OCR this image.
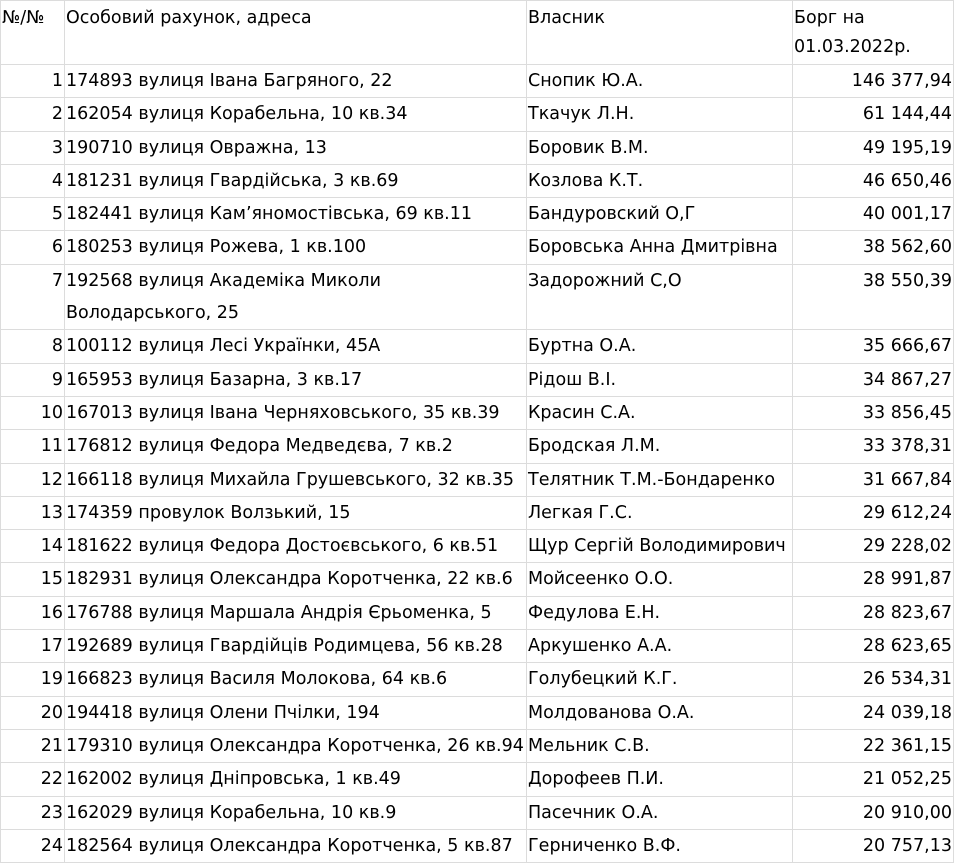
№/№	Особовий рахунок, адреса	Власник	Борг на 01.03.2022р.
1	174893 вулиця Івана Багряного, 22	Снопик Ю.А.	146 377,94
2	162054 вулиця Корабельна, 10 кв.34	Ткачук Л.Н.	61 144,44
3	190710 вулиця Овражна, 13	Боровик В.М.	49 195,19
4	181231 вулиця Гвардійська, 3 кв.69	Козлова К.Т.	46 650,46
5	182441 вулиця Кам’яномостівська, 69 кв.11	Бандуровский О,Г	40 001,17
6	180253 вулиця Рожева, 1 кв.100	Боровська Анна Дмитрівна	38 562,60
7	192568 вулиця Академіка Миколи Володарського, 25	Задорожний С,О	38 550,39
8	100112 вулиця Лесі Українки, 45А	Буртна О.А.	35 666,67
9	165953 вулиця Базарна, 3 кв.17	Рідош В.І.	34 867,27
10	167013 вулиця Івана Черняховського, 35 кв.39	Красин С.А.	33 856,45
11	176812 вулиця Федора Медведєва, 7 кв.2	Бродская Л.М.	33 378,31
12	166118 вулиця Михайла Грушевського, 32 кв.35	Телятник Т.М.-Бондаренко	31 667,84
13	174359 провулок Волзький, 15	Легкая Г.С.	29 612,24
14	181622 вулиця Федора Достоєвського, 6 кв.51	Щур Сергій Володимирович	29 228,02
15	182931 вулиця Олександра Коротченка, 22 кв.6	Мойсеенко О.О.	28 991,87
16	176788 вулиця Маршала Андрія Єрьоменка, 5	Федулова Е.Н.	28 823,67
17	192689 вулиця Гвардійців Родимцева, 56 кв.28	Аркушенко А.А.	28 623,65
19	166823 вулиця Василя Молокова, 64 кв.6	Голубецкий К.Г.	26 534,31
20	194418 вулиця Олени Пчілки, 194	Молдованова О.А.	24 039,18
21	179310 вулиця Олександра Коротченка, 26 кв.94	Мельник С.В.	22 361,15
22	162002 вулиця Дніпровська, 1 кв.49	Дорофеев П.И.	21 052,25
23	162029 вулиця Корабельна, 10 кв.9	Пасечник О.А.	20 910,00
24	182564 вулиця Олександра Коротченка, 5 кв.87	Герниченко В.Ф.	20 757,13
